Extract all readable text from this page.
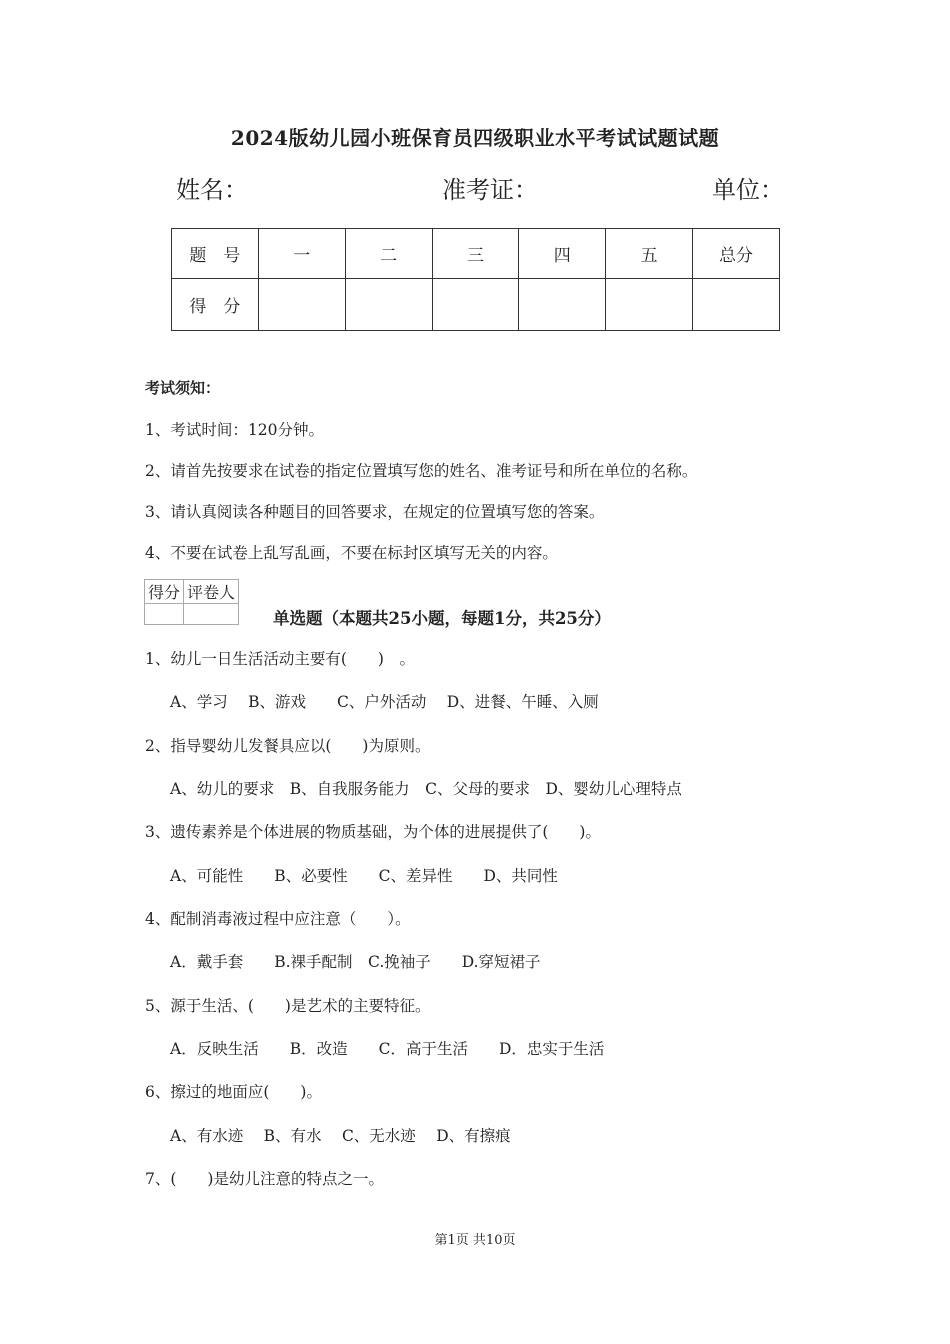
2024版幼儿园小班保育员四级职业水平考试试题试题
姓名：	准考证：	单位：
题　号	一	二	三	四	五	总分
得　分						
考试须知：
1、考试时间：120分钟。
2、请首先按要求在试卷的指定位置填写您的姓名、准考证号和所在单位的名称。
3、请认真阅读各种题目的回答要求，在规定的位置填写您的答案。
4、不要在试卷上乱写乱画，不要在标封区填写无关的内容。
得分	评卷人

单选题（本题共25小题，每题1分，共25分）
1、幼儿一日生活活动主要有(　　)　。
A、学习　 B、游戏　　C、户外活动　 D、进餐、午睡、入厕
2、指导婴幼儿发餐具应以(　　)为原则。
A、幼儿的要求　B、自我服务能力　C、父母的要求　D、婴幼儿心理特点
3、遗传素养是个体进展的物质基础，为个体的进展提供了(　　)。
A、可能性　　B、必要性　　C、差异性　　D、共同性
4、配制消毒液过程中应注意（　　）。
A．戴手套　　B.裸手配制　C.挽袖子　　D.穿短裙子
5、源于生活、(　　)是艺术的主要特征。
A．反映生活　　B．改造　　C．高于生活　　D．忠实于生活
6、擦过的地面应(　　)。
A、有水迹　 B、有水　 C、无水迹　 D、有擦痕
7、(　　)是幼儿注意的特点之一。
第1页 共10页
